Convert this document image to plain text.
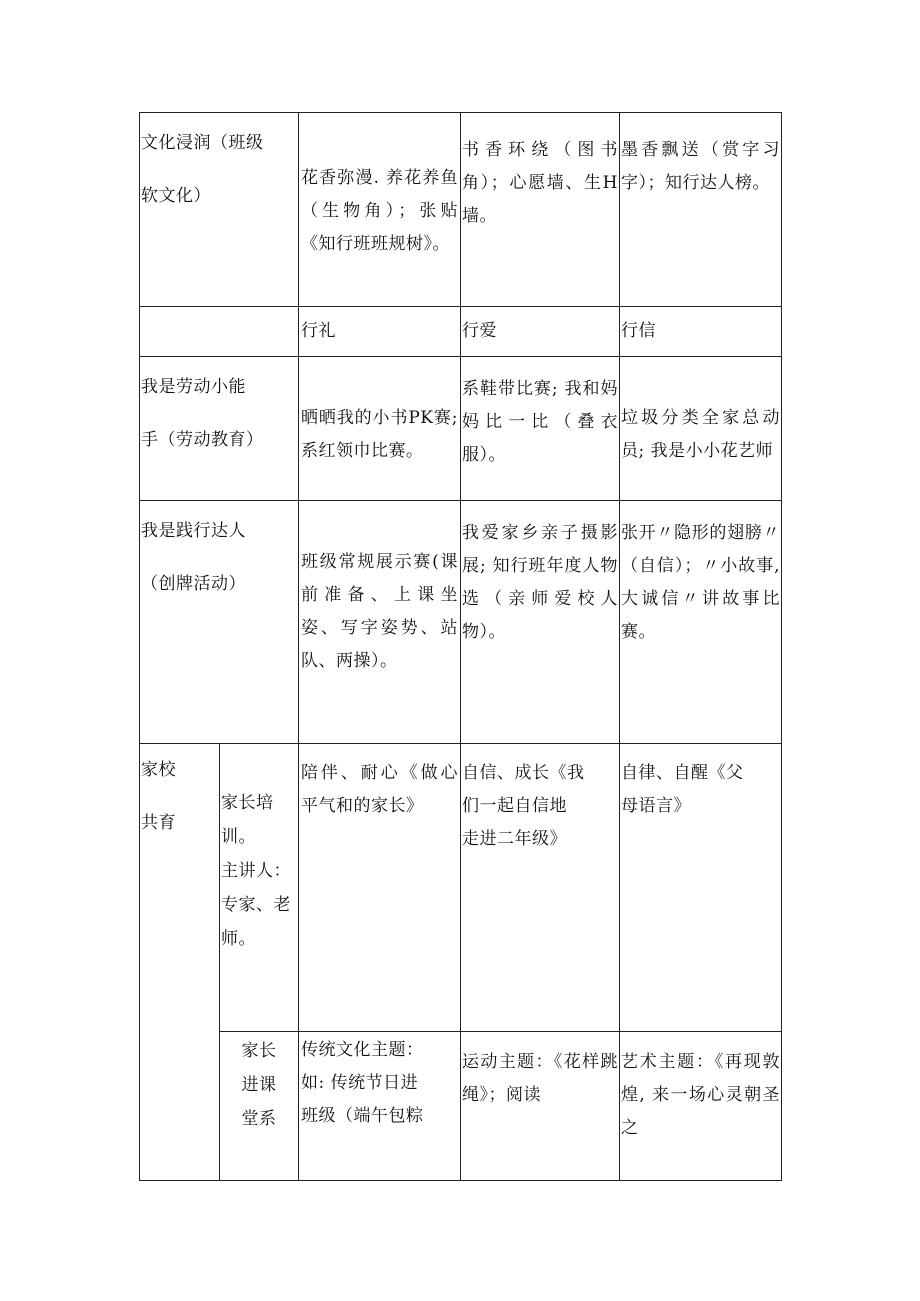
文化浸润（班级

软文化）
花香弥漫. 养花养鱼（生物角）；张贴《知行班班规树》。
书香环绕（图书角）；心愿墙、生H墙。
墨香飘送（赏字习字）；知行达人榜。
行礼	行爱	行信
我是劳动小能

手（劳动教育）
晒晒我的小书PK赛;系红领巾比赛。
系鞋带比赛; 我和妈妈比一比（叠衣服）。
垃圾分类全家总动员; 我是小小花艺师
我是践行达人

（创牌活动）
班级常规展示赛(课前准备、上课坐姿、写字姿势、站队、两操）。
我爱家乡亲子摄影展; 知行班年度人物选（亲师爱校人物）。
张开〃隐形的翅膀〃（自信）；〃小故事, 大诚信〃讲故事比赛。
家校

共育
家长培
训。
主讲人：
专家、老
师。
陪伴、耐心《做心平气和的家长》
自信、成长《我
们一起自信地
走进二年级》
自律、自醒《父
母语言》
家长
进课
堂系
传统文化主题：
如: 传统节日进
班级（端午包粽
运动主题：《花样跳绳》；阅读
艺术主题：《再现敦煌, 来一场心灵朝圣之
